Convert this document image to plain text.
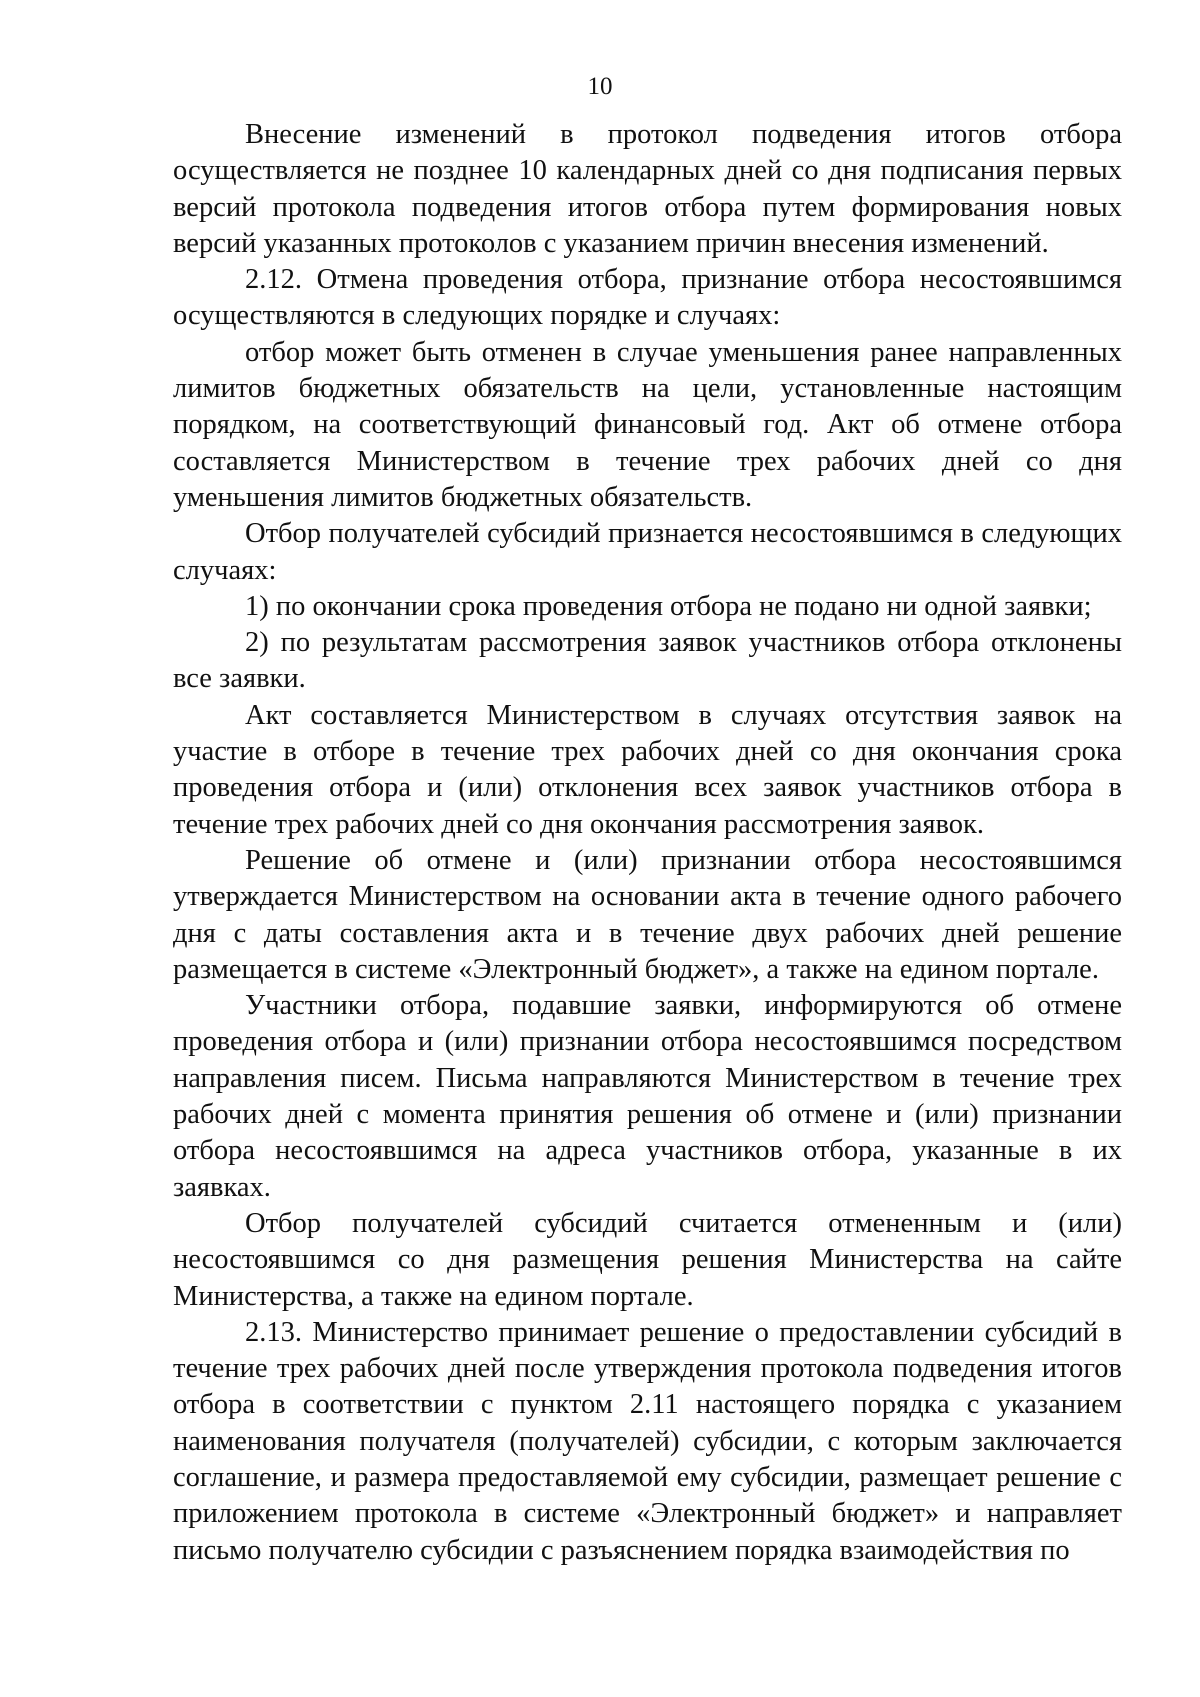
10

Внесение изменений в протокол подведения итогов отбора осуществляется не позднее 10 календарных дней со дня подписания первых версий протокола подведения итогов отбора путем формирования новых версий указанных протоколов с указанием причин внесения изменений.

2.12. Отмена проведения отбора, признание отбора несостоявшимся осуществляются в следующих порядке и случаях:

отбор может быть отменен в случае уменьшения ранее направленных лимитов бюджетных обязательств на цели, установленные настоящим порядком, на соответствующий финансовый год. Акт об отмене отбора составляется Министерством в течение трех рабочих дней со дня уменьшения лимитов бюджетных обязательств.

Отбор получателей субсидий признается несостоявшимся в следующих случаях:

1) по окончании срока проведения отбора не подано ни одной заявки;

2) по результатам рассмотрения заявок участников отбора отклонены все заявки.

Акт составляется Министерством в случаях отсутствия заявок на участие в отборе в течение трех рабочих дней со дня окончания срока проведения отбора и (или) отклонения всех заявок участников отбора в течение трех рабочих дней со дня окончания рассмотрения заявок.

Решение об отмене и (или) признании отбора несостоявшимся утверждается Министерством на основании акта в течение одного рабочего дня с даты составления акта и в течение двух рабочих дней решение размещается в системе «Электронный бюджет», а также на едином портале.

Участники отбора, подавшие заявки, информируются об отмене проведения отбора и (или) признании отбора несостоявшимся посредством направления писем. Письма направляются Министерством в течение трех рабочих дней с момента принятия решения об отмене и (или) признании отбора несостоявшимся на адреса участников отбора, указанные в их заявках.

Отбор получателей субсидий считается отмененным и (или) несостоявшимся со дня размещения решения Министерства на сайте Министерства, а также на едином портале.

2.13. Министерство принимает решение о предоставлении субсидий в течение трех рабочих дней после утверждения протокола подведения итогов отбора в соответствии с пунктом 2.11 настоящего порядка с указанием наименования получателя (получателей) субсидии, с которым заключается соглашение, и размера предоставляемой ему субсидии, размещает решение с приложением протокола в системе «Электронный бюджет» и направляет письмо получателю субсидии с разъяснением порядка взаимодействия по
